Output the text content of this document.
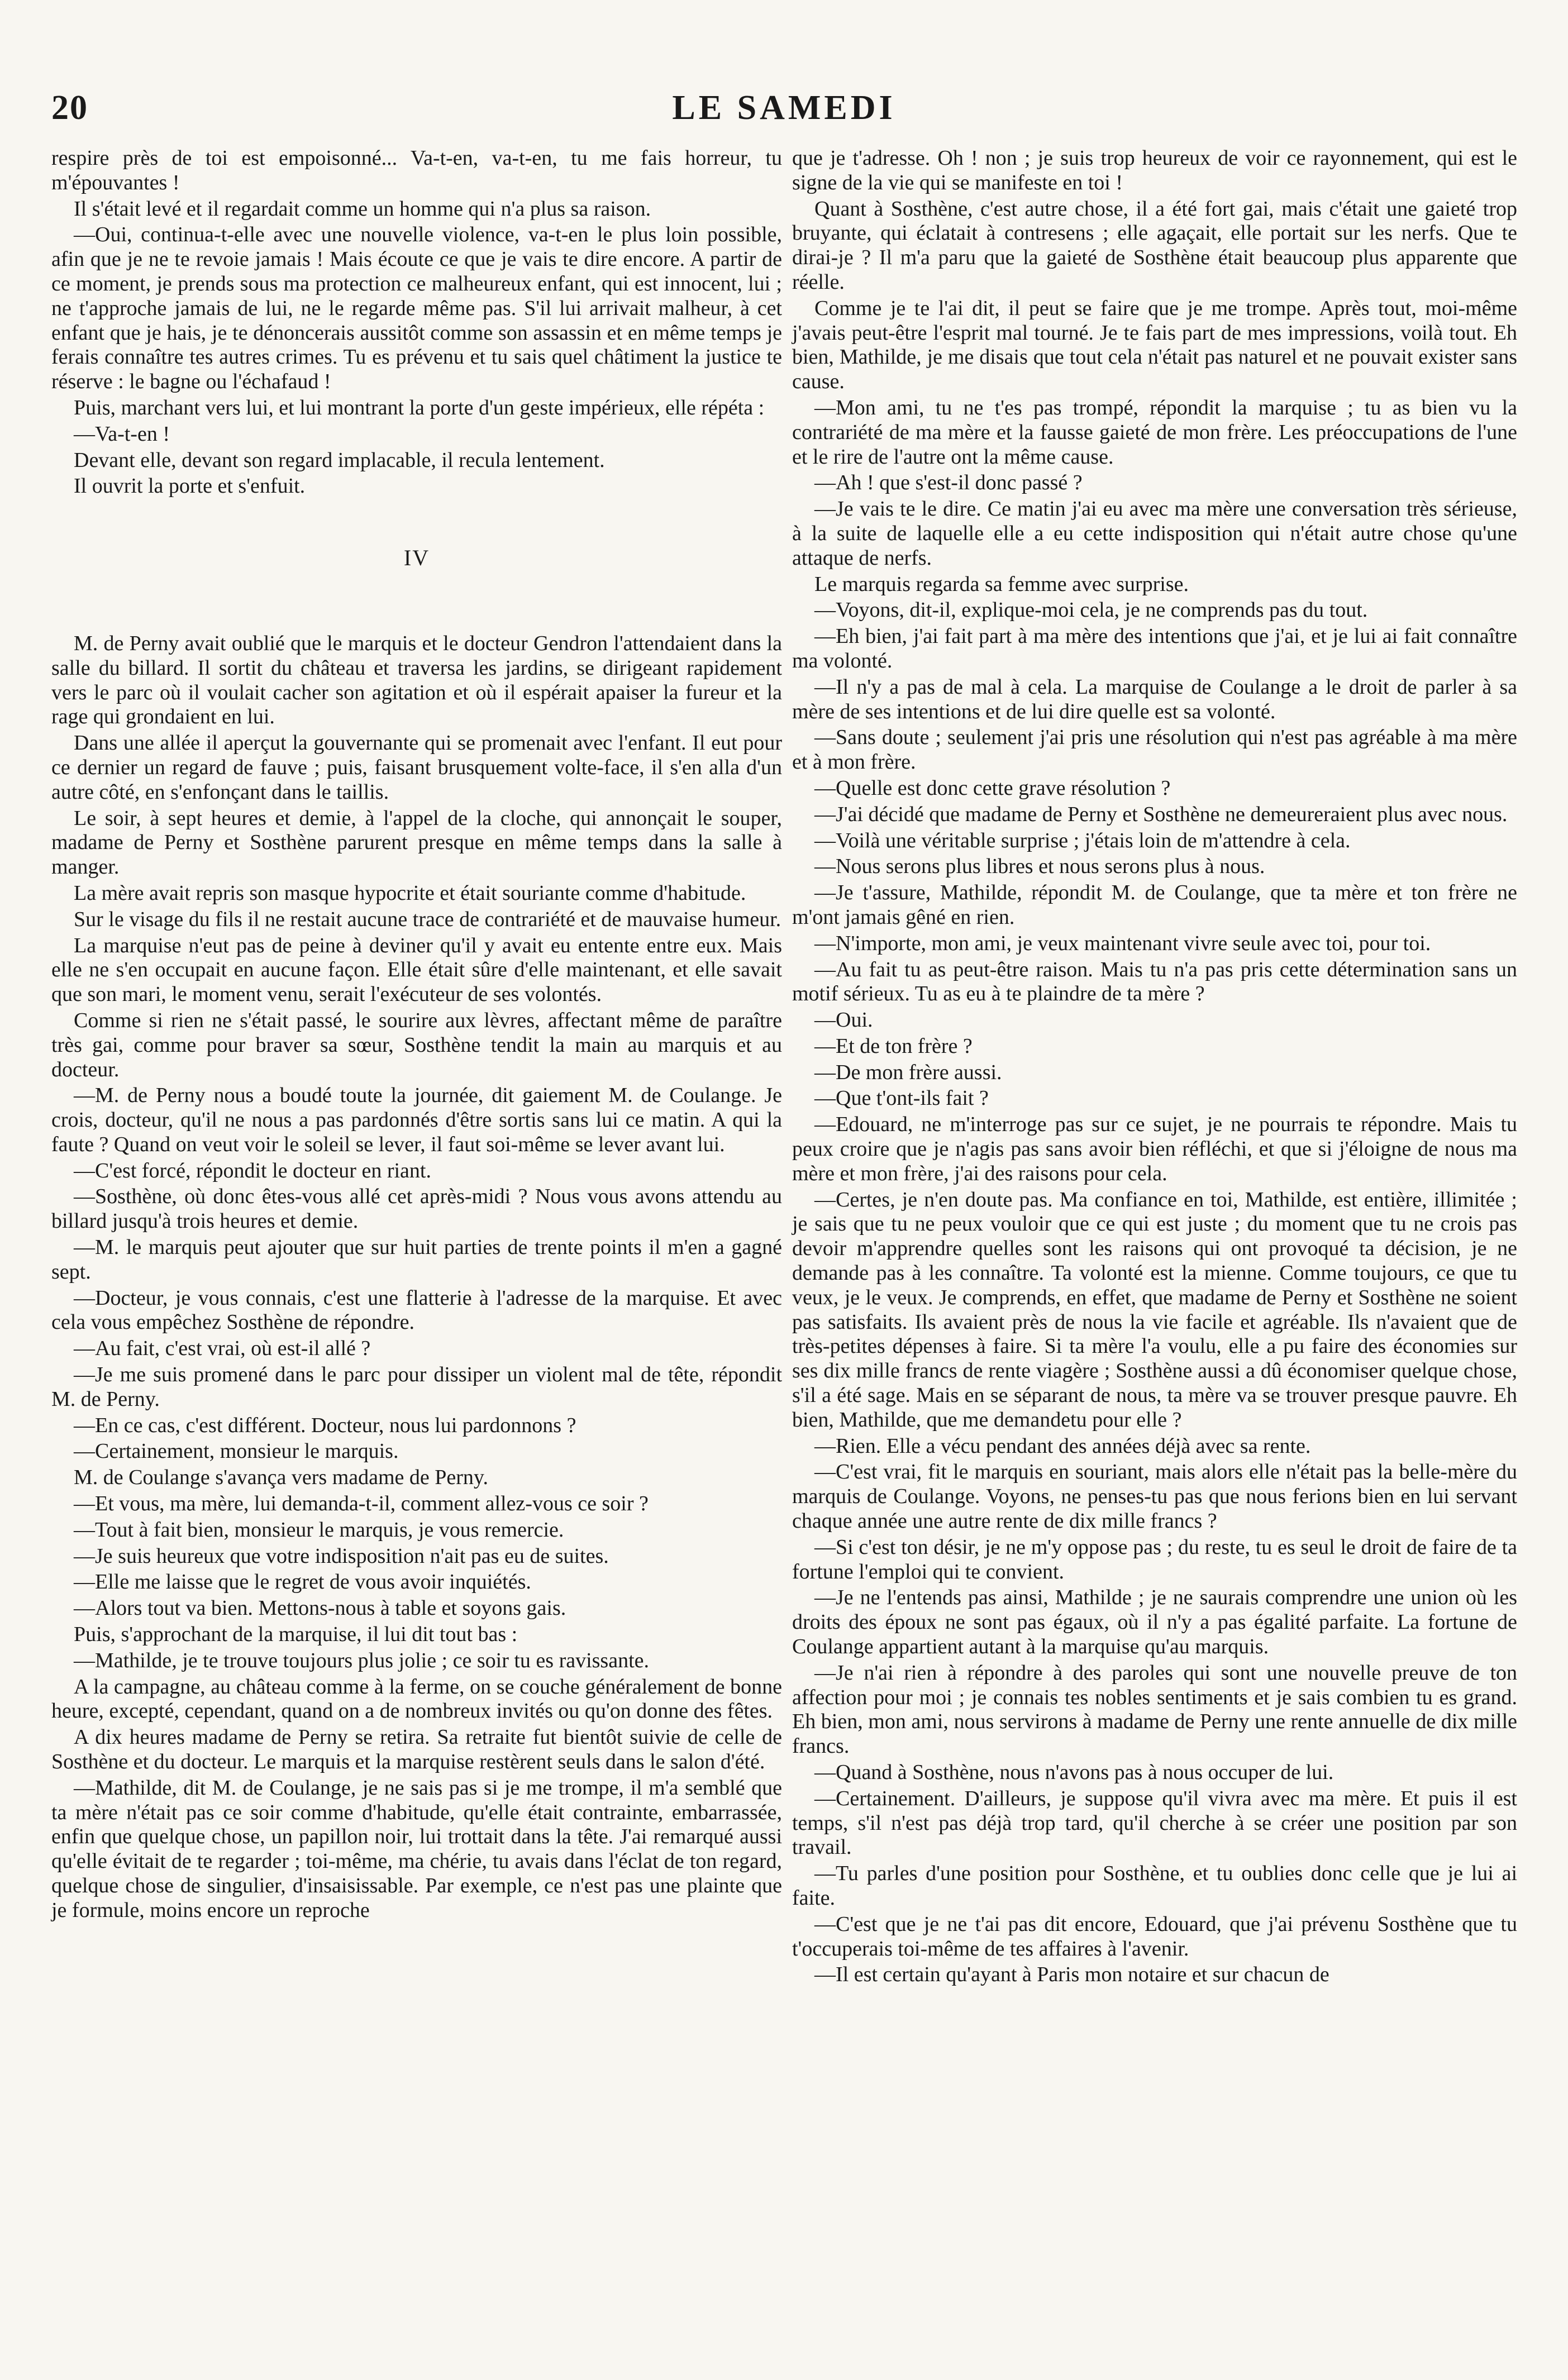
20	LE SAMEDI

respire près de toi est empoisonné... Va-t-en, va-t-en, tu me fais horreur, tu m'épouvantes !

Il s'était levé et il regardait comme un homme qui n'a plus sa raison.

—Oui, continua-t-elle avec une nouvelle violence, va-t-en le plus loin possible, afin que je ne te revoie jamais ! Mais écoute ce que je vais te dire encore. A partir de ce moment, je prends sous ma protection ce malheureux enfant, qui est innocent, lui ; ne t'approche jamais de lui, ne le regarde même pas. S'il lui arrivait malheur, à cet enfant que je hais, je te dénoncerais aussitôt comme son assassin et en même temps je ferais connaître tes autres crimes. Tu es prévenu et tu sais quel châtiment la justice te réserve : le bagne ou l'échafaud !

Puis, marchant vers lui, et lui montrant la porte d'un geste impérieux, elle répéta :

—Va-t-en !

Devant elle, devant son regard implacable, il recula lentement.

Il ouvrit la porte et s'enfuit.

IV

M. de Perny avait oublié que le marquis et le docteur Gendron l'attendaient dans la salle du billard. Il sortit du château et traversa les jardins, se dirigeant rapidement vers le parc où il voulait cacher son agitation et où il espérait apaiser la fureur et la rage qui grondaient en lui.

Dans une allée il aperçut la gouvernante qui se promenait avec l'enfant. Il eut pour ce dernier un regard de fauve ; puis, faisant brusquement volte-face, il s'en alla d'un autre côté, en s'enfonçant dans le taillis.

Le soir, à sept heures et demie, à l'appel de la cloche, qui annonçait le souper, madame de Perny et Sosthène parurent presque en même temps dans la salle à manger.

La mère avait repris son masque hypocrite et était souriante comme d'habitude.

Sur le visage du fils il ne restait aucune trace de contrariété et de mauvaise humeur.

La marquise n'eut pas de peine à deviner qu'il y avait eu entente entre eux. Mais elle ne s'en occupait en aucune façon. Elle était sûre d'elle maintenant, et elle savait que son mari, le moment venu, serait l'exécuteur de ses volontés.

Comme si rien ne s'était passé, le sourire aux lèvres, affectant même de paraître très gai, comme pour braver sa sœur, Sosthène tendit la main au marquis et au docteur.

—M. de Perny nous a boudé toute la journée, dit gaiement M. de Coulange. Je crois, docteur, qu'il ne nous a pas pardonnés d'être sortis sans lui ce matin. A qui la faute ? Quand on veut voir le soleil se lever, il faut soi-même se lever avant lui.

—C'est forcé, répondit le docteur en riant.

—Sosthène, où donc êtes-vous allé cet après-midi ? Nous vous avons attendu au billard jusqu'à trois heures et demie.

—M. le marquis peut ajouter que sur huit parties de trente points il m'en a gagné sept.

—Docteur, je vous connais, c'est une flatterie à l'adresse de la marquise. Et avec cela vous empêchez Sosthène de répondre.

—Au fait, c'est vrai, où est-il allé ?

—Je me suis promené dans le parc pour dissiper un violent mal de tête, répondit M. de Perny.

—En ce cas, c'est différent. Docteur, nous lui pardonnons ?

—Certainement, monsieur le marquis.

M. de Coulange s'avança vers madame de Perny.

—Et vous, ma mère, lui demanda-t-il, comment allez-vous ce soir ?

—Tout à fait bien, monsieur le marquis, je vous remercie.

—Je suis heureux que votre indisposition n'ait pas eu de suites.

—Elle me laisse que le regret de vous avoir inquiétés.

—Alors tout va bien. Mettons-nous à table et soyons gais.

Puis, s'approchant de la marquise, il lui dit tout bas :

—Mathilde, je te trouve toujours plus jolie ; ce soir tu es ravissante.

A la campagne, au château comme à la ferme, on se couche généralement de bonne heure, excepté, cependant, quand on a de nombreux invités ou qu'on donne des fêtes.

A dix heures madame de Perny se retira. Sa retraite fut bientôt suivie de celle de Sosthène et du docteur. Le marquis et la marquise restèrent seuls dans le salon d'été.

—Mathilde, dit M. de Coulange, je ne sais pas si je me trompe, il m'a semblé que ta mère n'était pas ce soir comme d'habitude, qu'elle était contrainte, embarrassée, enfin que quelque chose, un papillon noir, lui trottait dans la tête. J'ai remarqué aussi qu'elle évitait de te regarder ; toi-même, ma chérie, tu avais dans l'éclat de ton regard, quelque chose de singulier, d'insaisissable. Par exemple, ce n'est pas une plainte que je formule, moins encore un reproche

que je t'adresse. Oh ! non ; je suis trop heureux de voir ce rayonnement, qui est le signe de la vie qui se manifeste en toi !

Quant à Sosthène, c'est autre chose, il a été fort gai, mais c'était une gaieté trop bruyante, qui éclatait à contresens ; elle agaçait, elle portait sur les nerfs. Que te dirai-je ? Il m'a paru que la gaieté de Sosthène était beaucoup plus apparente que réelle.

Comme je te l'ai dit, il peut se faire que je me trompe. Après tout, moi-même j'avais peut-être l'esprit mal tourné. Je te fais part de mes impressions, voilà tout. Eh bien, Mathilde, je me disais que tout cela n'était pas naturel et ne pouvait exister sans cause.

—Mon ami, tu ne t'es pas trompé, répondit la marquise ; tu as bien vu la contrariété de ma mère et la fausse gaieté de mon frère. Les préoccupations de l'une et le rire de l'autre ont la même cause.

—Ah ! que s'est-il donc passé ?

—Je vais te le dire. Ce matin j'ai eu avec ma mère une conversation très sérieuse, à la suite de laquelle elle a eu cette indisposition qui n'était autre chose qu'une attaque de nerfs.

Le marquis regarda sa femme avec surprise.

—Voyons, dit-il, explique-moi cela, je ne comprends pas du tout.

—Eh bien, j'ai fait part à ma mère des intentions que j'ai, et je lui ai fait connaître ma volonté.

—Il n'y a pas de mal à cela. La marquise de Coulange a le droit de parler à sa mère de ses intentions et de lui dire quelle est sa volonté.

—Sans doute ; seulement j'ai pris une résolution qui n'est pas agréable à ma mère et à mon frère.

—Quelle est donc cette grave résolution ?

—J'ai décidé que madame de Perny et Sosthène ne demeureraient plus avec nous.

—Voilà une véritable surprise ; j'étais loin de m'attendre à cela.

—Nous serons plus libres et nous serons plus à nous.

—Je t'assure, Mathilde, répondit M. de Coulange, que ta mère et ton frère ne m'ont jamais gêné en rien.

—N'importe, mon ami, je veux maintenant vivre seule avec toi, pour toi.

—Au fait tu as peut-être raison. Mais tu n'a pas pris cette détermination sans un motif sérieux. Tu as eu à te plaindre de ta mère ?

—Oui.

—Et de ton frère ?

—De mon frère aussi.

—Que t'ont-ils fait ?

—Edouard, ne m'interroge pas sur ce sujet, je ne pourrais te répondre. Mais tu peux croire que je n'agis pas sans avoir bien réfléchi, et que si j'éloigne de nous ma mère et mon frère, j'ai des raisons pour cela.

—Certes, je n'en doute pas. Ma confiance en toi, Mathilde, est entière, illimitée ; je sais que tu ne peux vouloir que ce qui est juste ; du moment que tu ne crois pas devoir m'apprendre quelles sont les raisons qui ont provoqué ta décision, je ne demande pas à les connaître. Ta volonté est la mienne. Comme toujours, ce que tu veux, je le veux. Je comprends, en effet, que madame de Perny et Sosthène ne soient pas satisfaits. Ils avaient près de nous la vie facile et agréable. Ils n'avaient que de très-petites dépenses à faire. Si ta mère l'a voulu, elle a pu faire des économies sur ses dix mille francs de rente viagère ; Sosthène aussi a dû économiser quelque chose, s'il a été sage. Mais en se séparant de nous, ta mère va se trouver presque pauvre. Eh bien, Mathilde, que me demandetu pour elle ?

—Rien. Elle a vécu pendant des années déjà avec sa rente.

—C'est vrai, fit le marquis en souriant, mais alors elle n'était pas la belle-mère du marquis de Coulange. Voyons, ne penses-tu pas que nous ferions bien en lui servant chaque année une autre rente de dix mille francs ?

—Si c'est ton désir, je ne m'y oppose pas ; du reste, tu es seul le droit de faire de ta fortune l'emploi qui te convient.

—Je ne l'entends pas ainsi, Mathilde ; je ne saurais comprendre une union où les droits des époux ne sont pas égaux, où il n'y a pas égalité parfaite. La fortune de Coulange appartient autant à la marquise qu'au marquis.

—Je n'ai rien à répondre à des paroles qui sont une nouvelle preuve de ton affection pour moi ; je connais tes nobles sentiments et je sais combien tu es grand. Eh bien, mon ami, nous servirons à madame de Perny une rente annuelle de dix mille francs.

—Quand à Sosthène, nous n'avons pas à nous occuper de lui.

—Certainement. D'ailleurs, je suppose qu'il vivra avec ma mère. Et puis il est temps, s'il n'est pas déjà trop tard, qu'il cherche à se créer une position par son travail.

—Tu parles d'une position pour Sosthène, et tu oublies donc celle que je lui ai faite.

—C'est que je ne t'ai pas dit encore, Edouard, que j'ai prévenu Sosthène que tu t'occuperais toi-même de tes affaires à l'avenir.

—Il est certain qu'ayant à Paris mon notaire et sur chacun de
